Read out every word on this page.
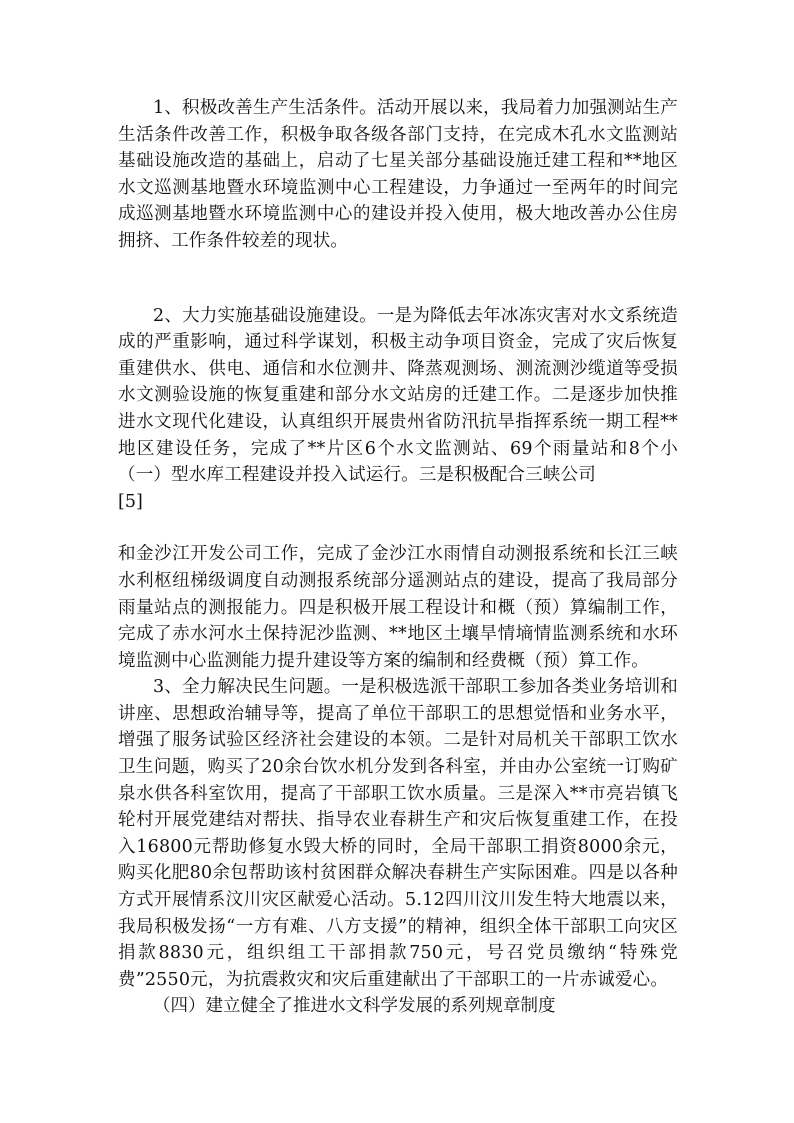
1、积极改善生产生活条件。活动开展以来，我局着力加强测站生产生活条件改善工作，积极争取各级各部门支持，在完成木孔水文监测站基础设施改造的基础上，启动了七星关部分基础设施迁建工程和**地区水文巡测基地暨水环境监测中心工程建设，力争通过一至两年的时间完成巡测基地暨水环境监测中心的建设并投入使用，极大地改善办公住房拥挤、工作条件较差的现状。

2、大力实施基础设施建设。一是为降低去年冰冻灾害对水文系统造成的严重影响，通过科学谋划，积极主动争项目资金，完成了灾后恢复重建供水、供电、通信和水位测井、降蒸观测场、测流测沙缆道等受损水文测验设施的恢复重建和部分水文站房的迁建工作。二是逐步加快推进水文现代化建设，认真组织开展贵州省防汛抗旱指挥系统一期工程**地区建设任务，完成了**片区6个水文监测站、69个雨量站和8个小（一）型水库工程建设并投入试运行。三是积极配合三峡公司

[5]

和金沙江开发公司工作，完成了金沙江水雨情自动测报系统和长江三峡水利枢纽梯级调度自动测报系统部分遥测站点的建设，提高了我局部分雨量站点的测报能力。四是积极开展工程设计和概（预）算编制工作，完成了赤水河水土保持泥沙监测、**地区土壤旱情墒情监测系统和水环境监测中心监测能力提升建设等方案的编制和经费概（预）算工作。

3、全力解决民生问题。一是积极选派干部职工参加各类业务培训和讲座、思想政治辅导等，提高了单位干部职工的思想觉悟和业务水平，增强了服务试验区经济社会建设的本领。二是针对局机关干部职工饮水卫生问题，购买了20余台饮水机分发到各科室，并由办公室统一订购矿泉水供各科室饮用，提高了干部职工饮水质量。三是深入**市亮岩镇飞轮村开展党建结对帮扶、指导农业春耕生产和灾后恢复重建工作，在投入16800元帮助修复水毁大桥的同时，全局干部职工捐资8000余元，购买化肥80余包帮助该村贫困群众解决春耕生产实际困难。四是以各种方式开展情系汶川灾区献爱心活动。5.12四川汶川发生特大地震以来，我局积极发扬“一方有难、八方支援”的精神，组织全体干部职工向灾区捐款8830元，组织组工干部捐款750元，号召党员缴纳“特殊党费”2550元，为抗震救灾和灾后重建献出了干部职工的一片赤诚爱心。

（四）建立健全了推进水文科学发展的系列规章制度
